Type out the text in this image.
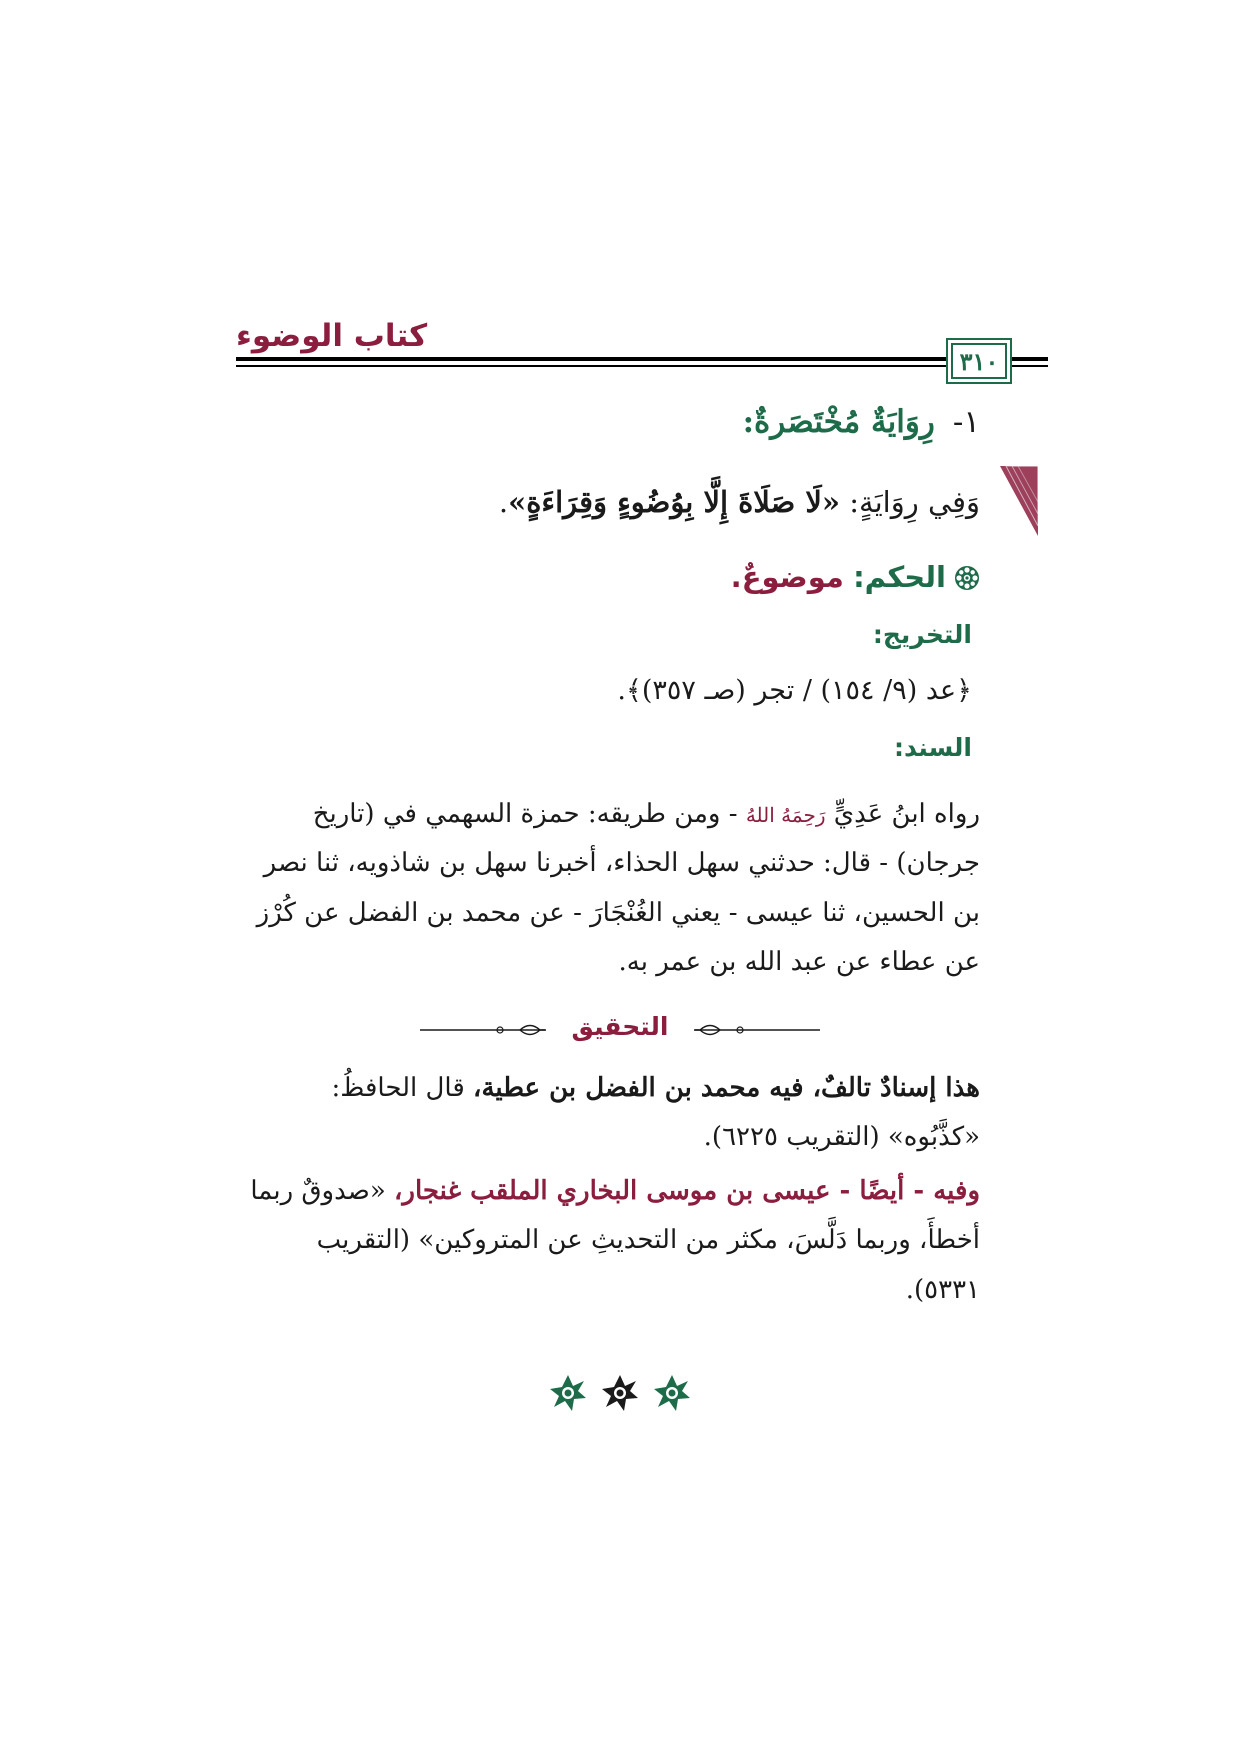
كتاب الوضوء
٣١٠
١-رِوَايَةٌ مُخْتَصَرةٌ:
وَفِي رِوَايَةٍ: «لَا صَلَاةَ إِلَّا بِوُضُوءٍ وَقِرَاءَةٍ».
الحكم: موضوعٌ.
التخريج:
﴿عد (٩/ ١٥٤) / تجر (صـ ٣٥٧)﴾.
السند:
رواه ابنُ عَدِيٍّ رَحِمَهُ اللهُ - ومن طريقه: حمزة السهمي في (تاريخ جرجان) - قال: حدثني سهل الحذاء، أخبرنا سهل بن شاذويه، ثنا نصر بن الحسين، ثنا عيسى - يعني الغُنْجَارَ - عن محمد بن الفضل عن كُرْز عن عطاء عن عبد الله بن عمر به.
التحقيق
هذا إسنادٌ تالفٌ، فيه محمد بن الفضل بن عطية، قال الحافظُ: «كذَّبُوه» (التقريب ٦٢٢٥).
وفيه - أيضًا - عيسى بن موسى البخاري الملقب غنجار، «صدوقٌ ربما أخطأَ، وربما دَلَّسَ، مكثر من التحديثِ عن المتروكين» (التقريب ٥٣٣١).
